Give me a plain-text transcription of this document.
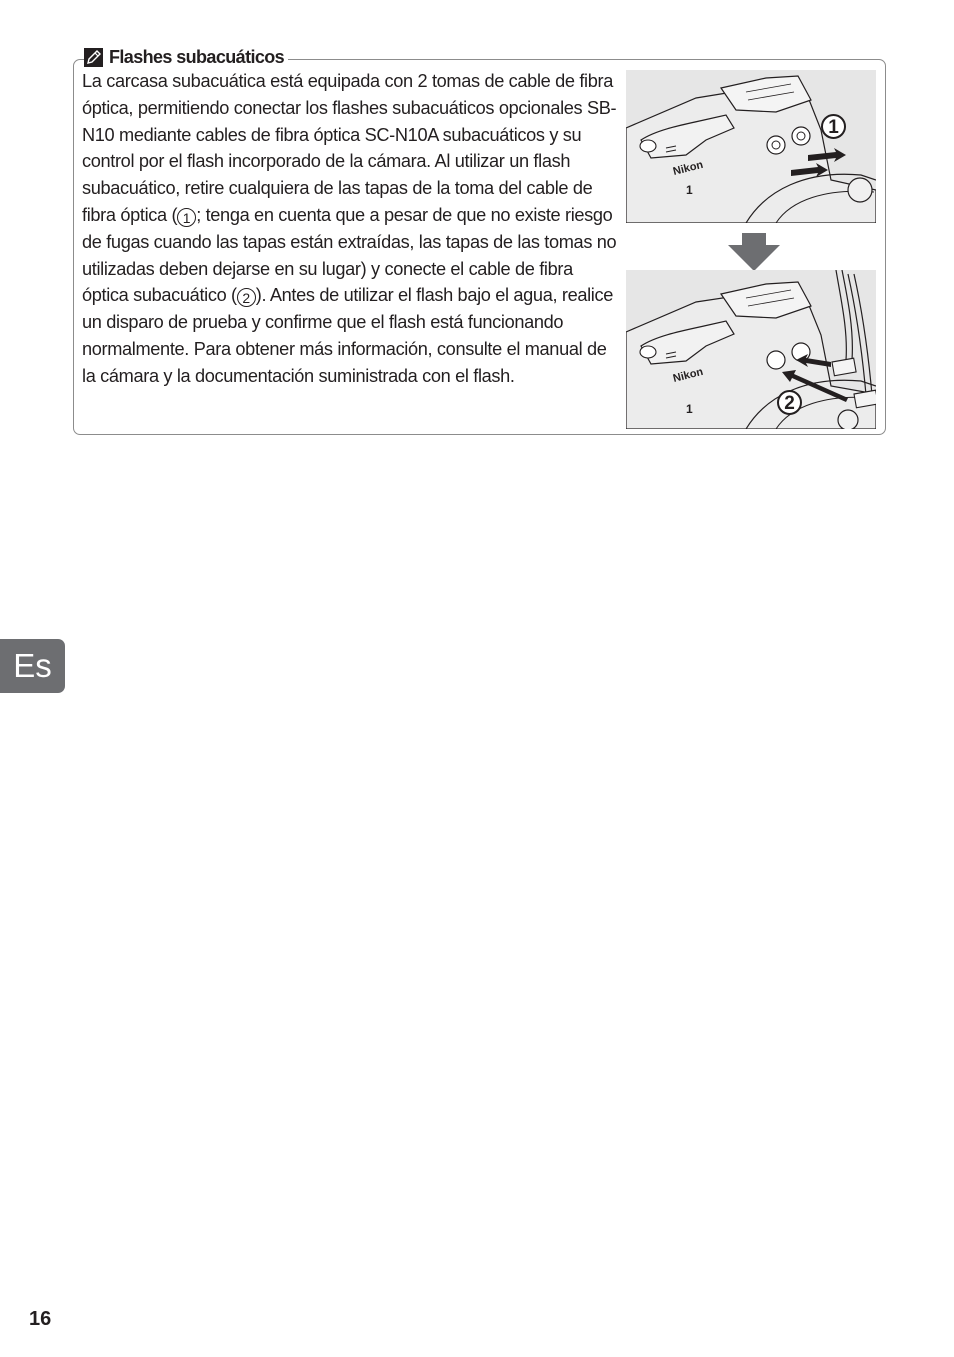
Flashes subacuáticos

La carcasa subacuática está equipada con 2 tomas de cable de fibra óptica, permitiendo conectar los flashes subacuáticos opcionales SB-N10 mediante cables de fibra óptica SC-N10A subacuáticos y su control por el flash incorporado de la cámara. Al utilizar un flash subacuático, retire cualquiera de las tapas de la toma del cable de fibra óptica ( 1 ; tenga en cuenta que a pesar de que no existe riesgo de fugas cuando las tapas están extraídas, las tapas de las tomas no utilizadas deben dejarse en su lugar) y conecte el cable de fibra óptica subacuático ( 2 ). Antes de utilizar el flash bajo el agua, realice un disparo de prueba y confirme que el flash está funcionando normalmente. Para obtener más información, consulte el manual de la cámara y la documentación suministrada con el flash.

Nikon
1
1
Nikon
1	2
Es
16
